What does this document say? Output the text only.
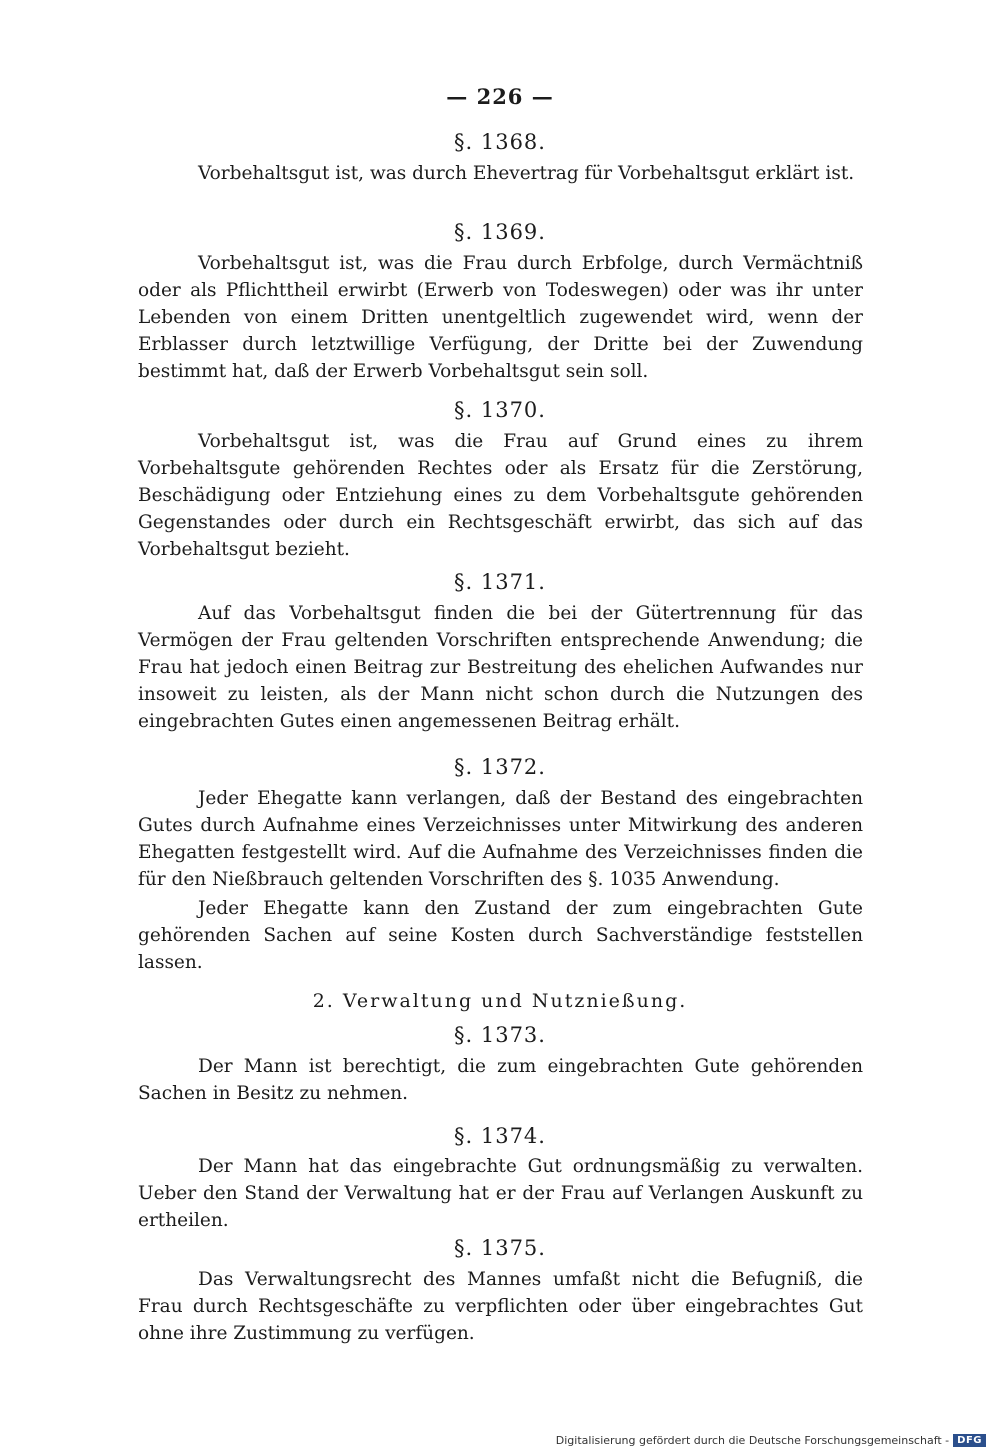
— 226 —
§. 1368.
Vorbehaltsgut ist, was durch Ehevertrag für Vorbehaltsgut erklärt ist.
§. 1369.
Vorbehaltsgut ist, was die Frau durch Erbfolge, durch Vermächtniß oder als Pflichttheil erwirbt (Erwerb von Todeswegen) oder was ihr unter Lebenden von einem Dritten unentgeltlich zugewendet wird, wenn der Erblasser durch letztwillige Verfügung, der Dritte bei der Zuwendung bestimmt hat, daß der Erwerb Vorbehaltsgut sein soll.
§. 1370.
Vorbehaltsgut ist, was die Frau auf Grund eines zu ihrem Vorbehaltsgute gehörenden Rechtes oder als Ersatz für die Zerstörung, Beschädigung oder Entziehung eines zu dem Vorbehaltsgute gehörenden Gegenstandes oder durch ein Rechtsgeschäft erwirbt, das sich auf das Vorbehaltsgut bezieht.
§. 1371.
Auf das Vorbehaltsgut finden die bei der Gütertrennung für das Vermögen der Frau geltenden Vorschriften entsprechende Anwendung; die Frau hat jedoch einen Beitrag zur Bestreitung des ehelichen Aufwandes nur insoweit zu leisten, als der Mann nicht schon durch die Nutzungen des eingebrachten Gutes einen angemessenen Beitrag erhält.
§. 1372.
Jeder Ehegatte kann verlangen, daß der Bestand des eingebrachten Gutes durch Aufnahme eines Verzeichnisses unter Mitwirkung des anderen Ehegatten festgestellt wird. Auf die Aufnahme des Verzeichnisses finden die für den Nießbrauch geltenden Vorschriften des §. 1035 Anwendung.
Jeder Ehegatte kann den Zustand der zum eingebrachten Gute gehörenden Sachen auf seine Kosten durch Sachverständige feststellen lassen.
2. Verwaltung und Nutznießung.
§. 1373.
Der Mann ist berechtigt, die zum eingebrachten Gute gehörenden Sachen in Besitz zu nehmen.
§. 1374.
Der Mann hat das eingebrachte Gut ordnungsmäßig zu verwalten. Ueber den Stand der Verwaltung hat er der Frau auf Verlangen Auskunft zu ertheilen.
§. 1375.
Das Verwaltungsrecht des Mannes umfaßt nicht die Befugniß, die Frau durch Rechtsgeschäfte zu verpflichten oder über eingebrachtes Gut ohne ihre Zustimmung zu verfügen.
Digitalisierung gefördert durch die Deutsche Forschungsgemeinschaft - DFG
